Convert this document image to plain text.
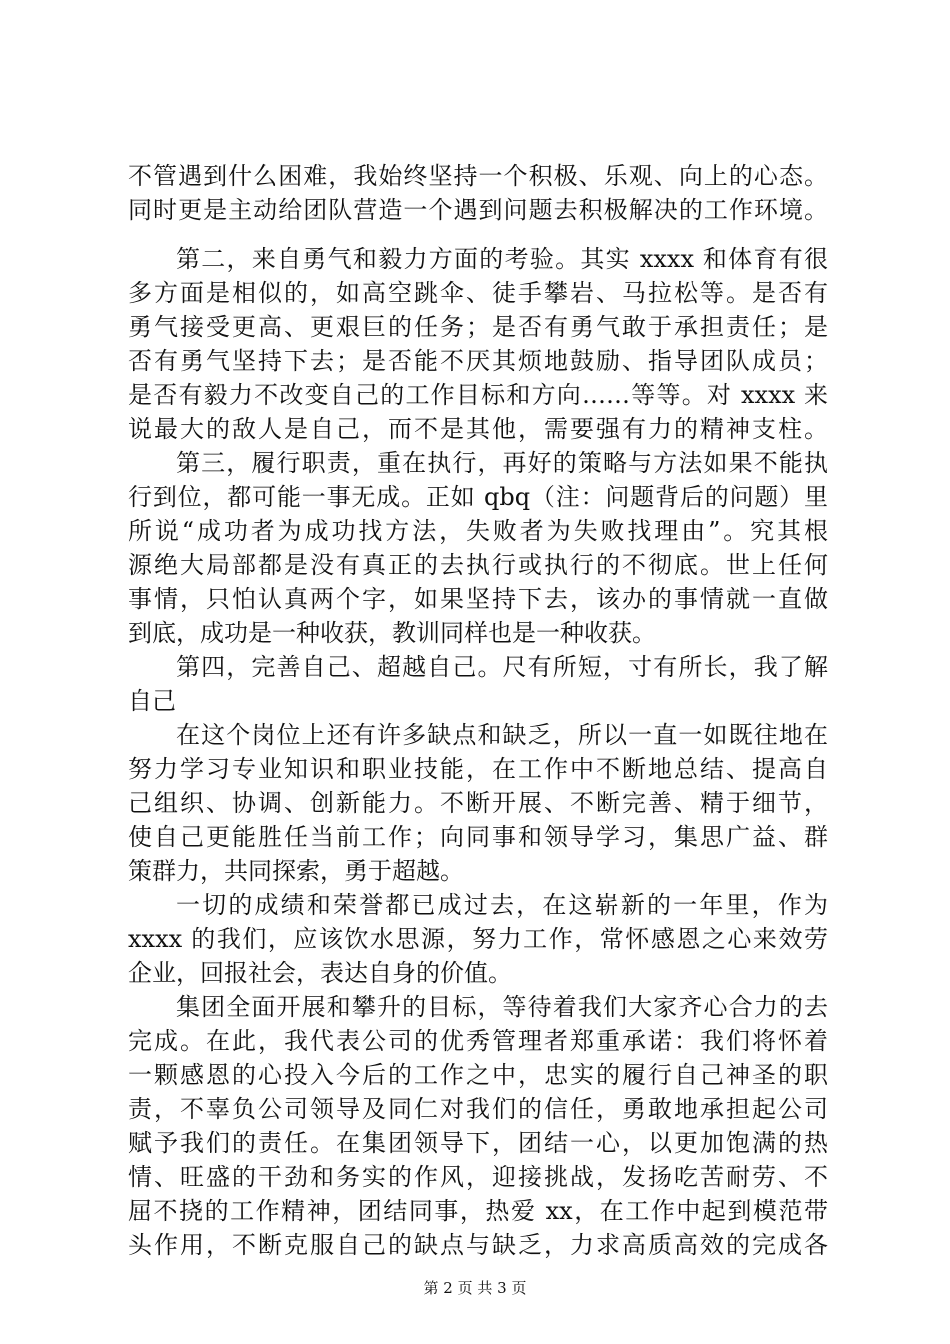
不管遇到什么困难，我始终坚持一个积极、乐观、向上的心态。
同时更是主动给团队营造一个遇到问题去积极解决的工作环境。
第二，来自勇气和毅力方面的考验。其实 xxxx 和体育有很
多方面是相似的，如高空跳伞、徒手攀岩、马拉松等。是否有
勇气接受更高、更艰巨的任务；是否有勇气敢于承担责任；是
否有勇气坚持下去；是否能不厌其烦地鼓励、指导团队成员；
是否有毅力不改变自己的工作目标和方向……等等。对 xxxx 来
说最大的敌人是自己，而不是其他，需要强有力的精神支柱。
第三，履行职责，重在执行，再好的策略与方法如果不能执
行到位，都可能一事无成。正如 qbq（注：问题背后的问题）里
所说“成功者为成功找方法，失败者为失败找理由”。究其根
源绝大局部都是没有真正的去执行或执行的不彻底。世上任何
事情，只怕认真两个字，如果坚持下去，该办的事情就一直做
到底，成功是一种收获，教训同样也是一种收获。
第四，完善自己、超越自己。尺有所短，寸有所长，我了解
自己
在这个岗位上还有许多缺点和缺乏，所以一直一如既往地在
努力学习专业知识和职业技能，在工作中不断地总结、提高自
己组织、协调、创新能力。不断开展、不断完善、精于细节，
使自己更能胜任当前工作；向同事和领导学习，集思广益、群
策群力，共同探索，勇于超越。
一切的成绩和荣誉都已成过去，在这崭新的一年里，作为
xxxx 的我们，应该饮水思源，努力工作，常怀感恩之心来效劳
企业，回报社会，表达自身的价值。
集团全面开展和攀升的目标，等待着我们大家齐心合力的去
完成。在此，我代表公司的优秀管理者郑重承诺：我们将怀着
一颗感恩的心投入今后的工作之中，忠实的履行自己神圣的职
责，不辜负公司领导及同仁对我们的信任，勇敢地承担起公司
赋予我们的责任。在集团领导下，团结一心，以更加饱满的热
情、旺盛的干劲和务实的作风，迎接挑战，发扬吃苦耐劳、不
屈不挠的工作精神，团结同事，热爱 xx，在工作中起到模范带
第 2 页 共 3 页
头作用，不断克服自己的缺点与缺乏，力求高质高效的完成各
